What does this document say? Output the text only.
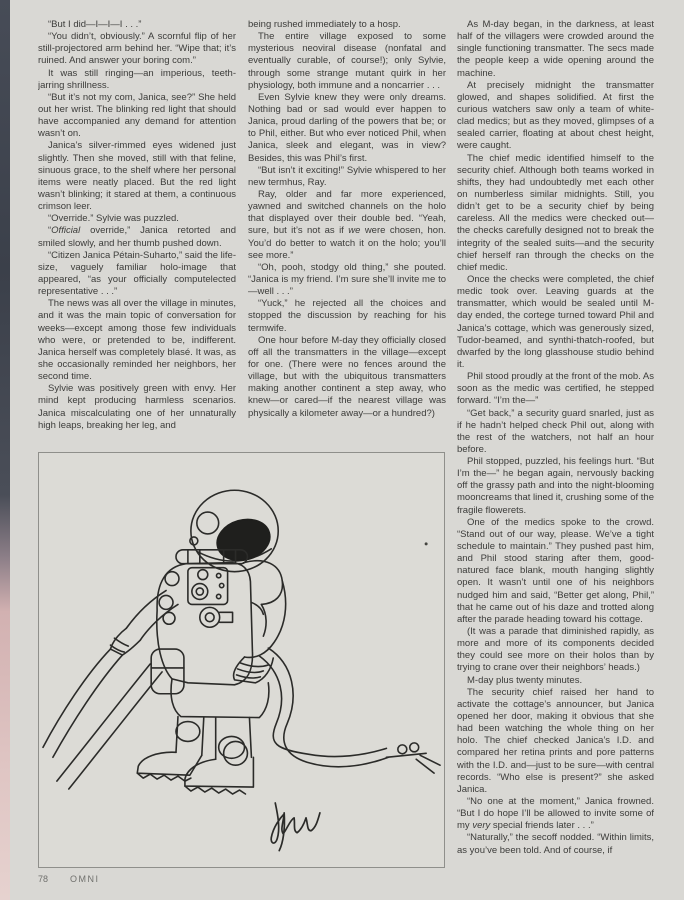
“But I did—I—I—I . . .”

“You didn’t, obviously.” A scornful flip of her still-projectored arm behind her. “Wipe that; it’s ruined. And answer your boring com.”

It was still ringing—an imperious, teeth-jarring shrillness.

“But it’s not my com, Janica, see?” She held out her wrist. The blinking red light that should have accompanied any demand for attention wasn’t on.

Janica’s silver-rimmed eyes widened just slightly. Then she moved, still with that feline, sinuous grace, to the shelf where her personal items were neatly placed. But the red light wasn’t blinking; it stared at them, a continuous crimson leer.

“Override.” Sylvie was puzzled.

“Official override,” Janica retorted and smiled slowly, and her thumb pushed down.

“Citizen Janica Pétain-Suharto,” said the life-size, vaguely familiar holo-image that appeared, “as your officially computelected representative . . .”

The news was all over the village in minutes, and it was the main topic of conversation for weeks—except among those few individuals who were, or pretended to be, indifferent. Janica herself was completely blasé. It was, as she occasionally reminded her neighbors, her second time.

Sylvie was positively green with envy. Her mind kept producing harmless scenarios. Janica miscalculating one of her unnaturally high leaps, breaking her leg, and

being rushed immediately to a hosp.

The entire village exposed to some mysterious neoviral disease (nonfatal and eventually curable, of course!); only Sylvie, through some strange mutant quirk in her physiology, both immune and a noncarrier . . .

Even Sylvie knew they were only dreams. Nothing bad or sad would ever happen to Janica, proud darling of the powers that be; or to Phil, either. But who ever noticed Phil, when Janica, sleek and elegant, was in view? Besides, this was Phil’s first.

“But isn’t it exciting!” Sylvie whispered to her new termhus, Ray.

Ray, older and far more experienced, yawned and switched channels on the holo that displayed over their double bed. “Yeah, sure, but it’s not as if we were chosen, hon. You’d do better to watch it on the holo; you’ll see more.”

“Oh, pooh, stodgy old thing,” she pouted. “Janica is my friend. I’m sure she’ll invite me to—well . . .”

“Yuck,” he rejected all the choices and stopped the discussion by reaching for his termwife.

One hour before M-day they officially closed off all the transmatters in the village—except for one. (There were no fences around the village, but with the ubiquitous transmatters making another continent a step away, who knew—or cared—if the nearest village was physically a kilometer away—or a hundred?)

As M-day began, in the darkness, at least half of the villagers were crowded around the single functioning transmatter. The secs made the people keep a wide opening around the machine.

At precisely midnight the transmatter glowed, and shapes solidified. At first the curious watchers saw only a team of white-clad medics; but as they moved, glimpses of a sealed carrier, floating at about chest height, were caught.

The chief medic identified himself to the security chief. Although both teams worked in shifts, they had undoubtedly met each other on numberless similar midnights. Still, you didn’t get to be a security chief by being careless. All the medics were checked out—the checks carefully designed not to break the integrity of the sealed suits—and the security chief herself ran through the checks on the chief medic.

Once the checks were completed, the chief medic took over. Leaving guards at the transmatter, which would be sealed until M-day ended, the cortege turned toward Phil and Janica’s cottage, which was generously sized, Tudor-beamed, and synthi-thatch-roofed, but dwarfed by the long glasshouse studio behind it.

Phil stood proudly at the front of the mob. As soon as the medic was certified, he stepped forward. “I’m the—”

“Get back,” a security guard snarled, just as if he hadn’t helped check Phil out, along with the rest of the watchers, not half an hour before.

Phil stopped, puzzled, his feelings hurt. “But I’m the—” he began again, nervously backing off the grassy path and into the night-blooming mooncreams that lined it, crushing some of the fragile flowerets.

One of the medics spoke to the crowd. “Stand out of our way, please. We’ve a tight schedule to maintain.” They pushed past him, and Phil stood staring after them, good-natured face blank, mouth hanging slightly open. It wasn’t until one of his neighbors nudged him and said, “Better get along, Phil,” that he came out of his daze and trotted along after the parade heading toward his cottage.

(It was a parade that diminished rapidly, as more and more of its components decided they could see more on their holos than by trying to crane over their neighbors’ heads.)

M-day plus twenty minutes.

The security chief raised her hand to activate the cottage’s announcer, but Janica opened her door, making it obvious that she had been watching the whole thing on her holo. The chief checked Janica’s I.D. and compared her retina prints and pore patterns with the I.D. and—just to be sure—with central records. “Who else is present?” she asked Janica.

“No one at the moment,” Janica frowned. “But I do hope I’ll be allowed to invite some of my very special friends later . . .”

“Naturally,” the secoff nodded. “Within limits, as you’ve been told. And of course, if

78 OMNI
